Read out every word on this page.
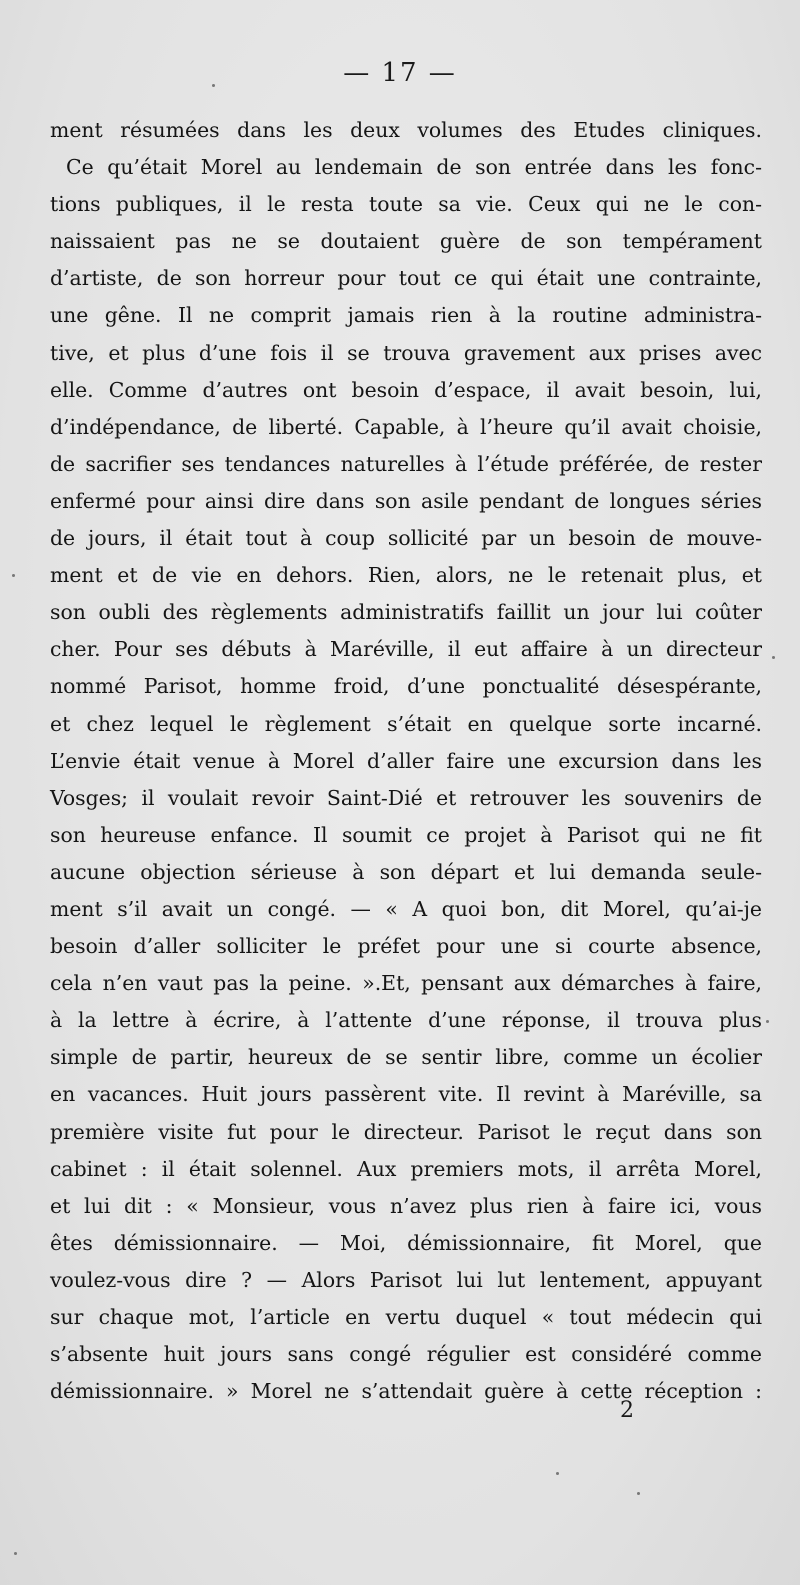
— 17 —
ment résumées dans les deux volumes des Etudes cliniques.
Ce qu’était Morel au lendemain de son entrée dans les fonc-
tions publiques, il le resta toute sa vie. Ceux qui ne le con-
naissaient pas ne se doutaient guère de son tempérament
d’artiste, de son horreur pour tout ce qui était une contrainte,
une gêne. Il ne comprit jamais rien à la routine administra-
tive, et plus d’une fois il se trouva gravement aux prises avec
elle. Comme d’autres ont besoin d’espace, il avait besoin, lui,
d’indépendance, de liberté. Capable, à l’heure qu’il avait choisie,
de sacrifier ses tendances naturelles à l’étude préférée, de rester
enfermé pour ainsi dire dans son asile pendant de longues séries
de jours, il était tout à coup sollicité par un besoin de mouve-
ment et de vie en dehors. Rien, alors, ne le retenait plus, et
son oubli des règlements administratifs faillit un jour lui coûter
cher. Pour ses débuts à Maréville, il eut affaire à un directeur
nommé Parisot, homme froid, d’une ponctualité désespérante,
et chez lequel le règlement s’était en quelque sorte incarné.
L’envie était venue à Morel d’aller faire une excursion dans les
Vosges; il voulait revoir Saint-Dié et retrouver les souvenirs de
son heureuse enfance. Il soumit ce projet à Parisot qui ne fit
aucune objection sérieuse à son départ et lui demanda seule-
ment s’il avait un congé. — « A quoi bon, dit Morel, qu’ai-je
besoin d’aller solliciter le préfet pour une si courte absence,
cela n’en vaut pas la peine. ».Et, pensant aux démarches à faire,
à la lettre à écrire, à l’attente d’une réponse, il trouva plus
simple de partir, heureux de se sentir libre, comme un écolier
en vacances. Huit jours passèrent vite. Il revint à Maréville, sa
première visite fut pour le directeur. Parisot le reçut dans son
cabinet : il était solennel. Aux premiers mots, il arrêta Morel,
et lui dit : « Monsieur, vous n’avez plus rien à faire ici, vous
êtes démissionnaire. — Moi, démissionnaire, fit Morel, que
voulez-vous dire ? — Alors Parisot lui lut lentement, appuyant
sur chaque mot, l’article en vertu duquel « tout médecin qui
s’absente huit jours sans congé régulier est considéré comme
démissionnaire. » Morel ne s’attendait guère à cette réception :
2
